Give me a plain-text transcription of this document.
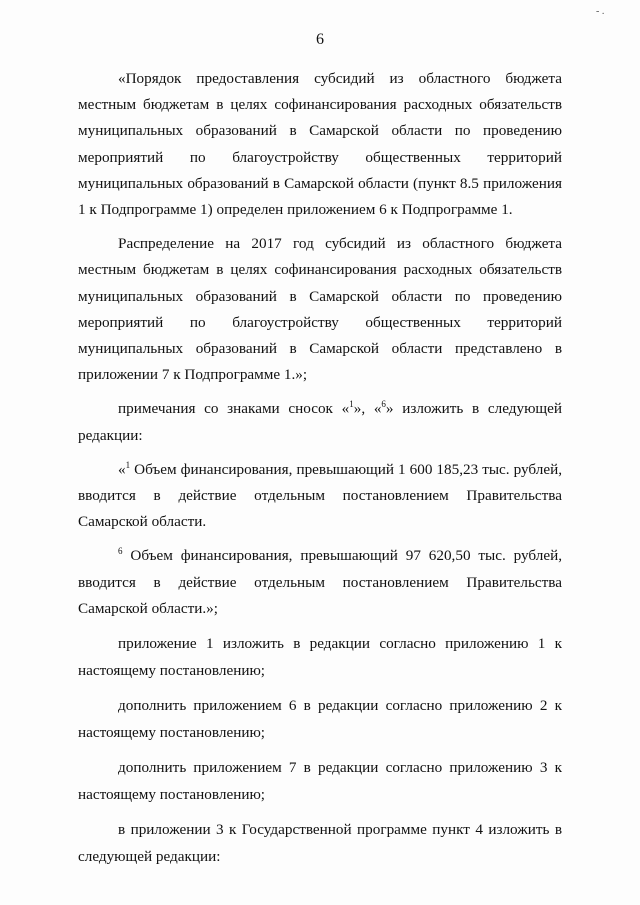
- .
6

«Порядок предоставления субсидий из областного бюджета местным бюджетам в целях софинансирования расходных обязательств муниципальных образований в Самарской области по проведению мероприятий по благоустройству общественных территорий муниципальных образований в Самарской области (пункт 8.5 приложения 1 к Подпрограмме 1) определен приложением 6 к Подпрограмме 1.

Распределение на 2017 год субсидий из областного бюджета местным бюджетам в целях софинансирования расходных обязательств муниципальных образований в Самарской области по проведению мероприятий по благоустройству общественных территорий муниципальных образований в Самарской области представлено в приложении 7 к Подпрограмме 1.»;

примечания со знаками сносок «$^1$», «$^6$» изложить в следующей редакции:

«$^1$ Объем финансирования, превышающий 1 600 185,23 тыс. рублей, вводится в действие отдельным постановлением Правительства Самарской области.

$^6$ Объем финансирования, превышающий 97 620,50 тыс. рублей, вводится в действие отдельным постановлением Правительства Самарской области.»;

приложение 1 изложить в редакции согласно приложению 1 к настоящему постановлению;

дополнить приложением 6 в редакции согласно приложению 2 к настоящему постановлению;

дополнить приложением 7 в редакции согласно приложению 3 к настоящему постановлению;

в приложении 3 к Государственной программе пункт 4 изложить в следующей редакции:
